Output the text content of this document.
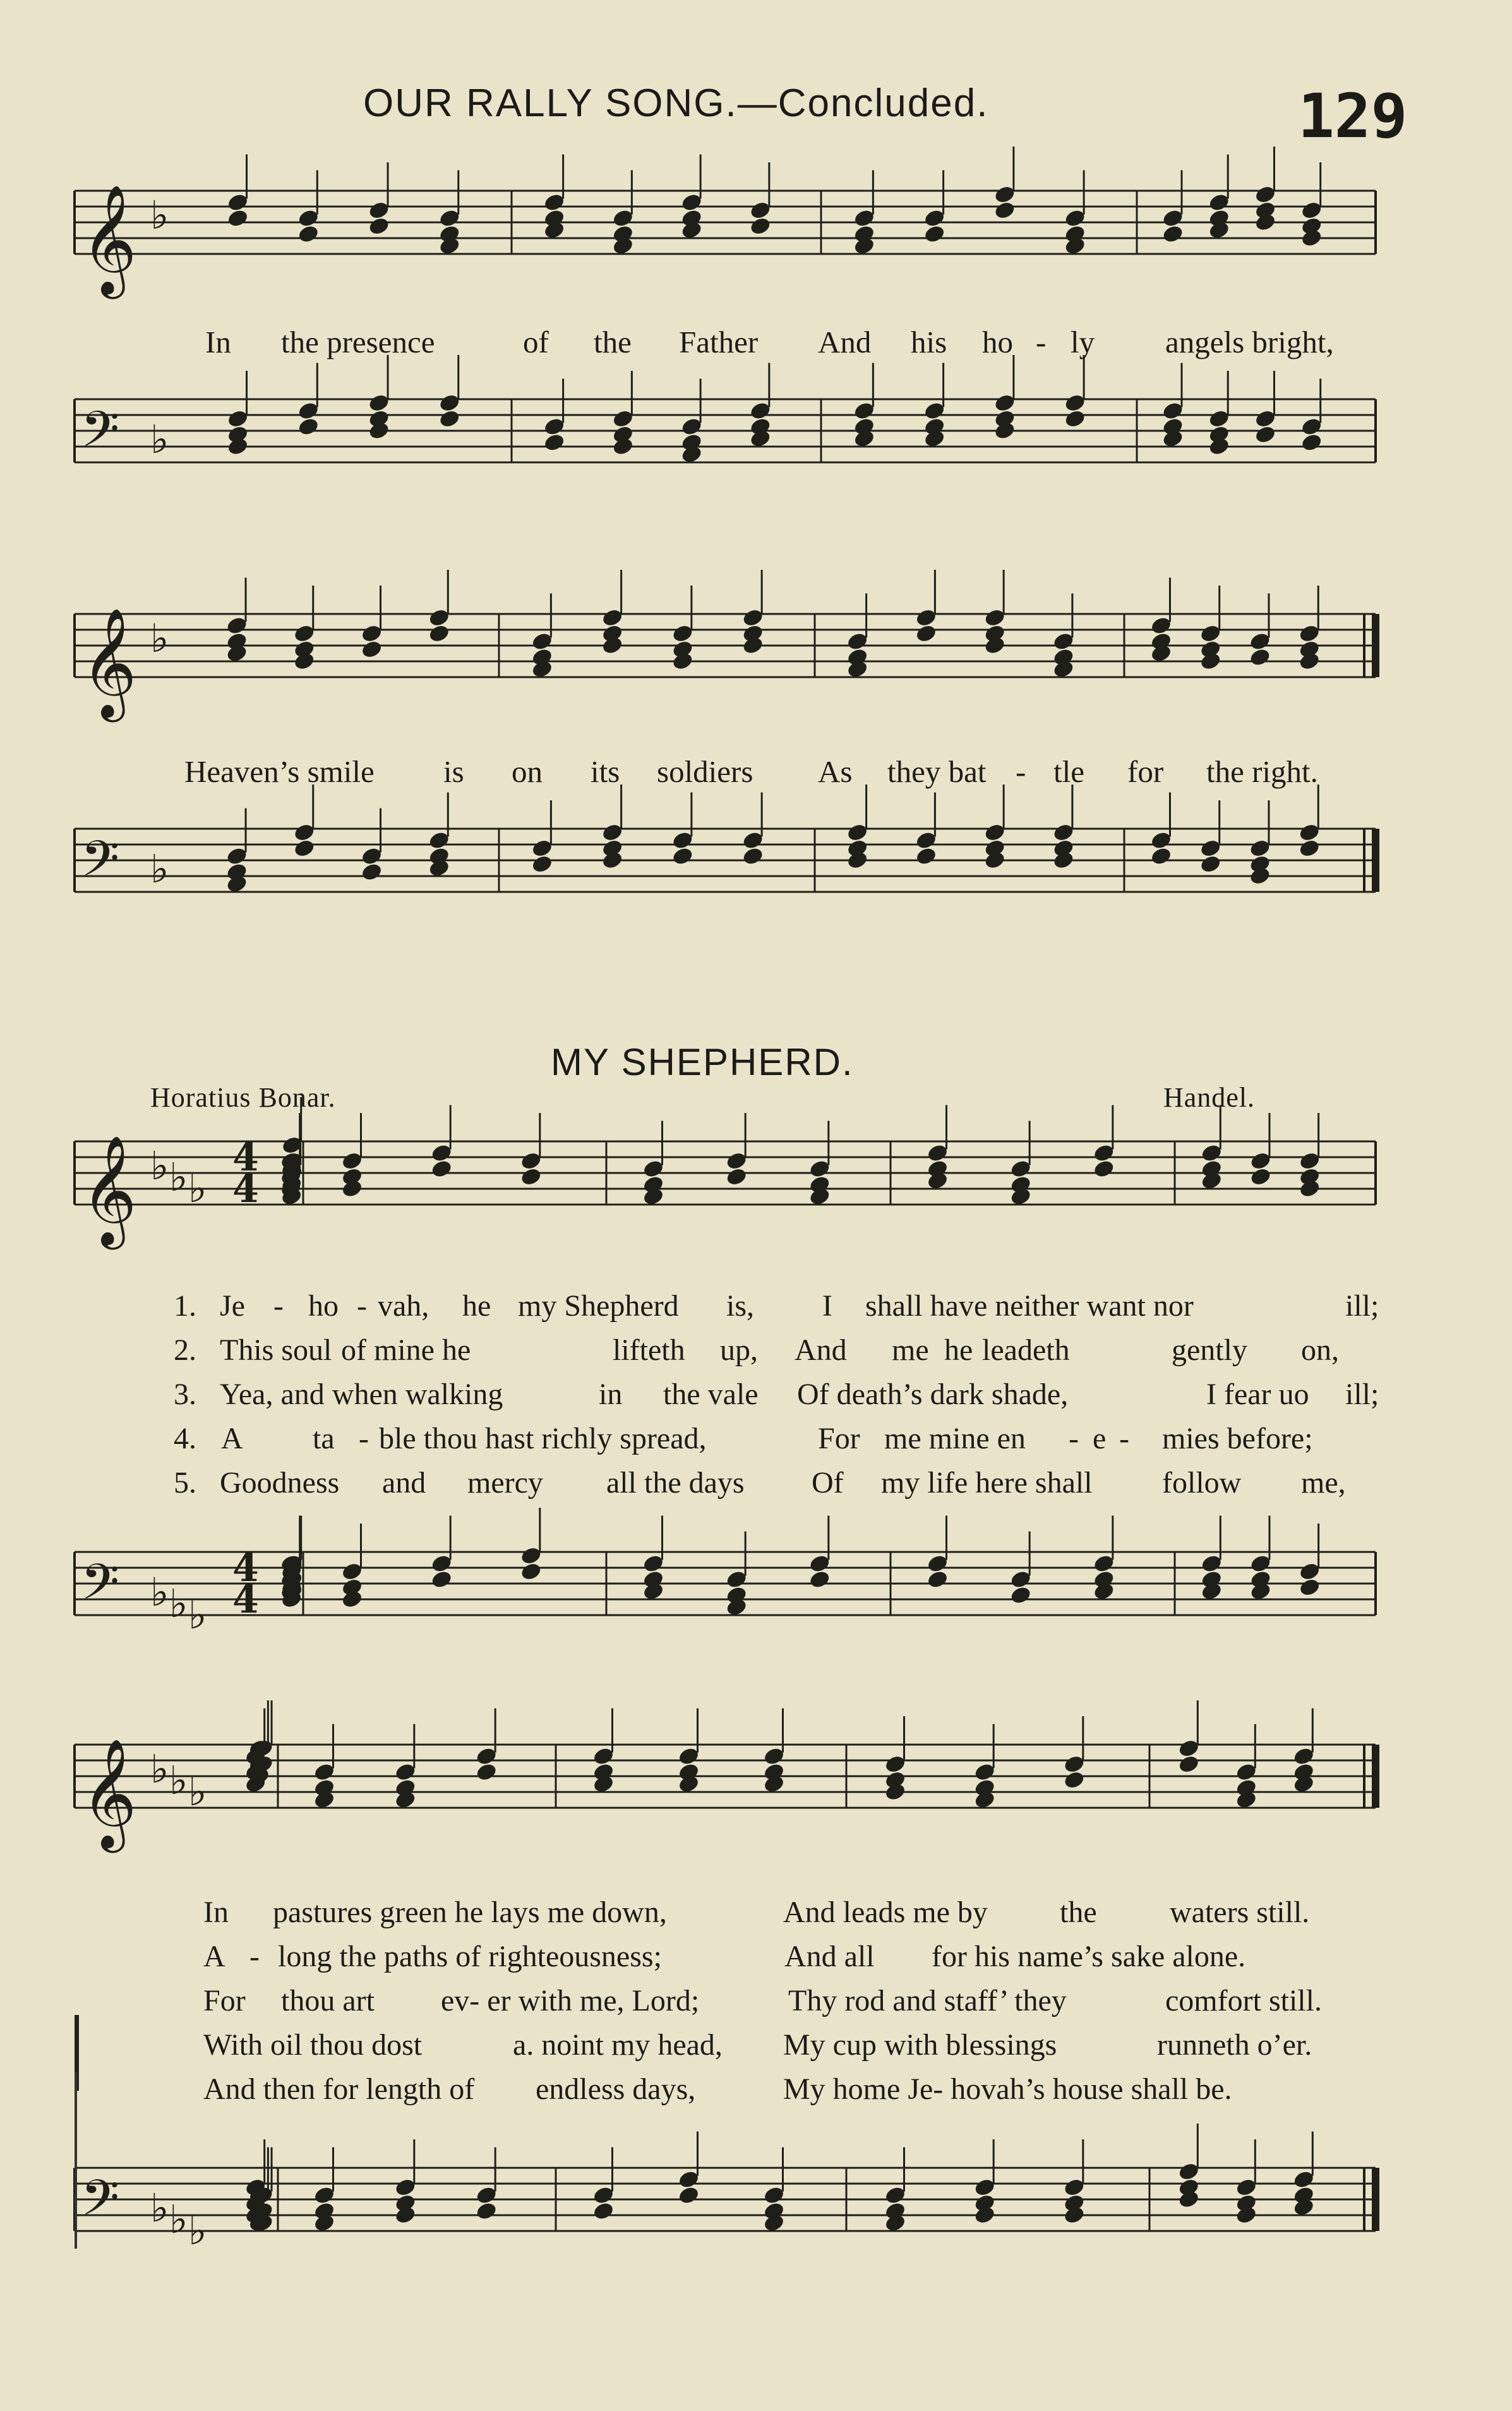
OUR RALLY SONG.—Concluded.	129
𝄞 ♭
In the presence	of the Father And his ho - ly angels bright,
𝄢 ♭
𝄞 ♭
Heaven’s smile is on its soldiers As they bat - tle for the right.
𝄢 ♭
MY SHEPHERD.
Horatius Bonar.	Handel.
𝄞 ♭ ♭ ♭
4
4
1. Je - ho - vah, he my Shepherd is, I shall have neither want nor	ill;
2. This soul of mine he	lifteth up, And me he leadeth	gently on,
3. Yea, and when walking	in the vale Of death’s dark shade,	I fear uo ill;
4. A ta - ble thou hast richly spread,	For me mine en - e - mies before;
5. Goodness and mercy all the days Of my life here shall follow me,
𝄢 ♭ ♭ ♭
4
4
𝄞 ♭ ♭ ♭
In pastures green he lays me down,	And leads me by the waters still.
A - long the paths of righteousness;	And all for his name’s sake alone.
For thou art ev- er with me, Lord;	Thy rod and staff’ they	comfort still.
With oil thou dost	a. noint my head, My cup with blessings	runneth o’er.
And then for length of endless days,	My home Je- hovah’s house shall be.
𝄢 ♭ ♭ ♭
